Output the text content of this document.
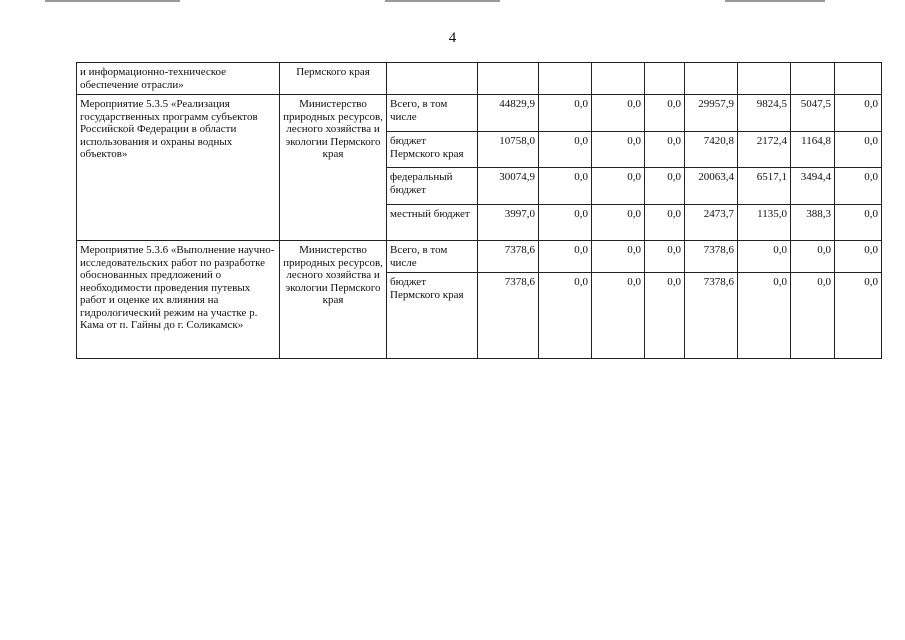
4
и информационно-техническое обеспечение отрасли»	Пермского края									
Мероприятие 5.3.5 «Реализация государственных программ субъектов Российской Федерации в области использования и охраны водных объектов»	Министерство природных ресурсов, лесного хозяйства и экологии Пермского края	Всего, в том числе	44829,9	0,0	0,0	0,0	29957,9	9824,5	5047,5	0,0
		бюджет Пермского края	10758,0	0,0	0,0	0,0	7420,8	2172,4	1164,8	0,0
		федеральный бюджет	30074,9	0,0	0,0	0,0	20063,4	6517,1	3494,4	0,0
		местный бюджет	3997,0	0,0	0,0	0,0	2473,7	1135,0	388,3	0,0
Мероприятие 5.3.6 «Выполнение научно-исследовательских работ по разработке обоснованных предложений о необходимости проведения путевых работ и оценке их влияния на гидрологический режим на участке р. Кама от п. Гайны до г. Соликамск»	Министерство природных ресурсов, лесного хозяйства и экологии Пермского края	Всего, в том числе	7378,6	0,0	0,0	0,0	7378,6	0,0	0,0	0,0
		бюджет Пермского края	7378,6	0,0	0,0	0,0	7378,6	0,0	0,0	0,0
